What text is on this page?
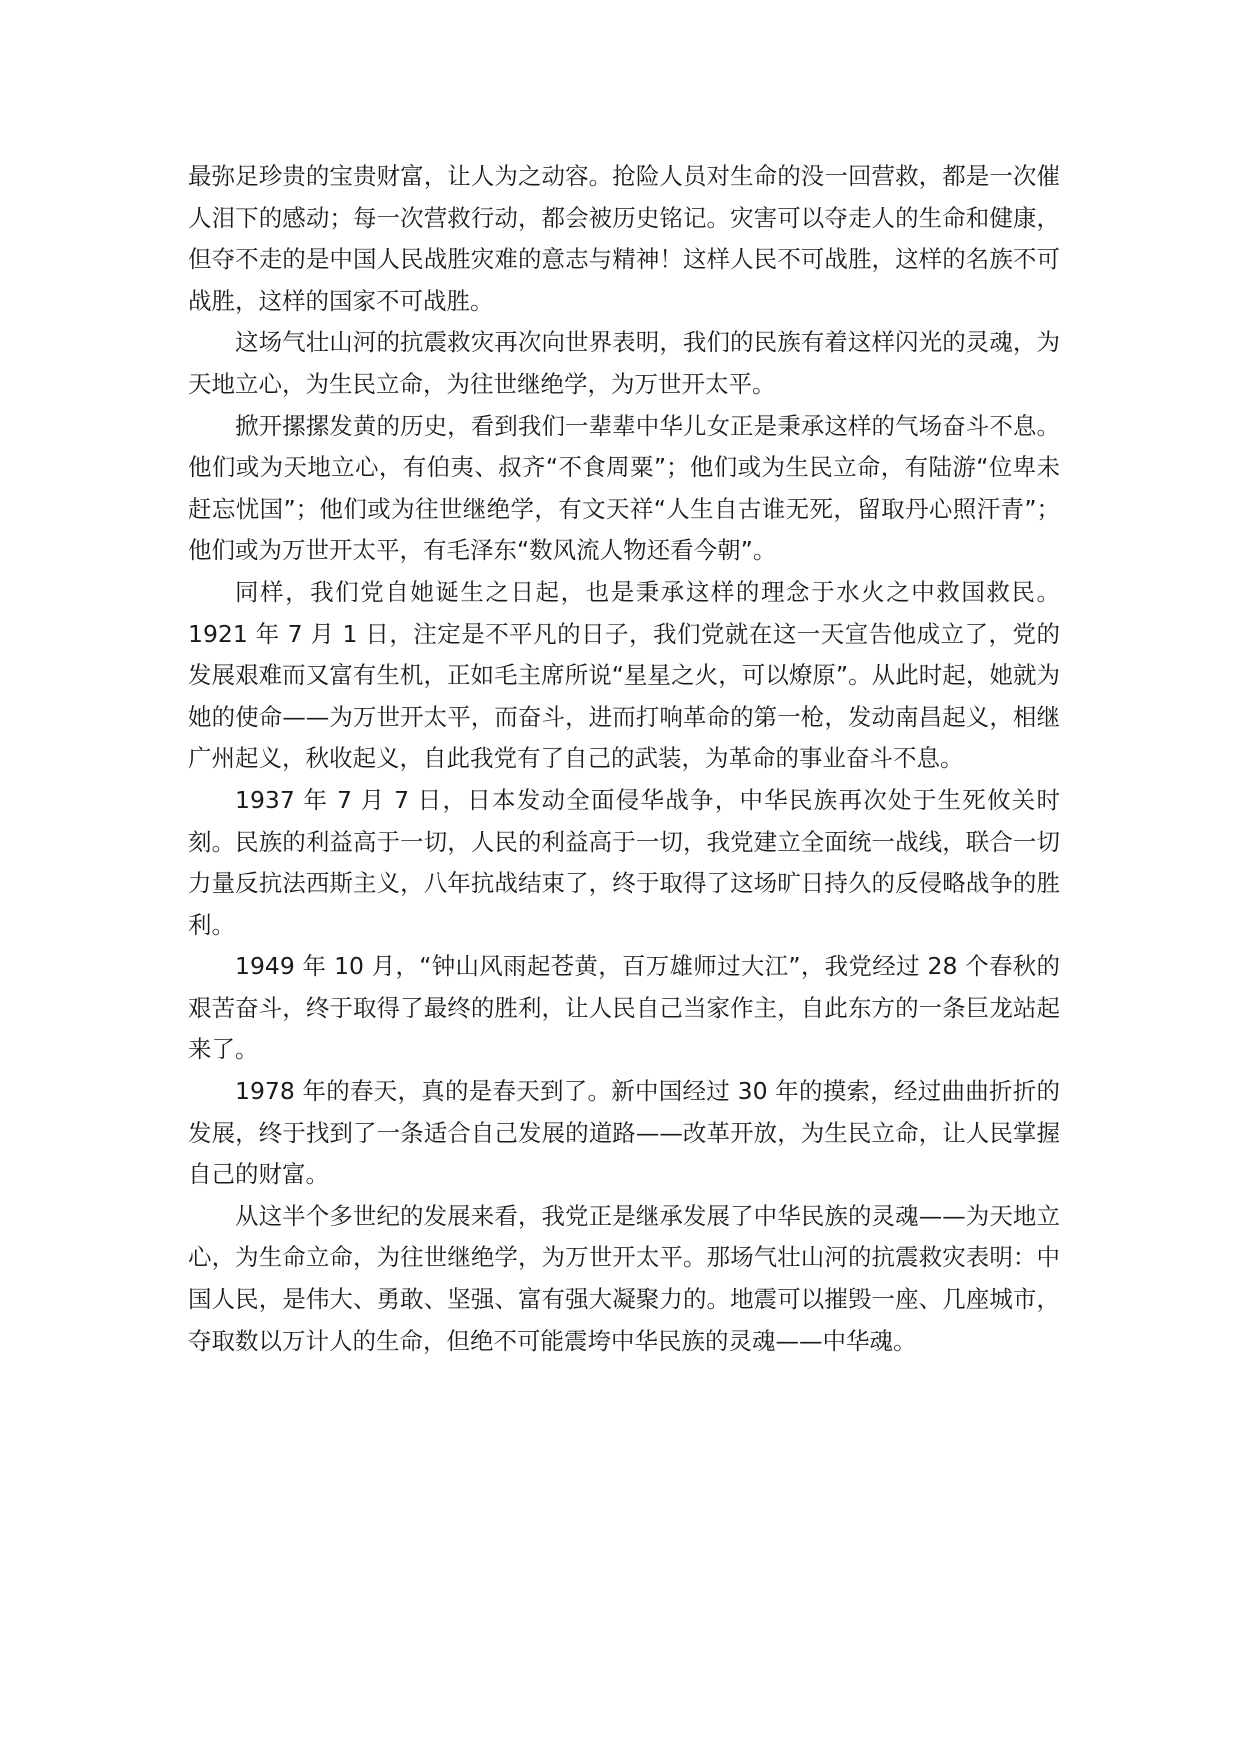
最弥足珍贵的宝贵财富，让人为之动容。抢险人员对生命的没一回营救，都是一次催人泪下的感动；每一次营救行动，都会被历史铭记。灾害可以夺走人的生命和健康，但夺不走的是中国人民战胜灾难的意志与精神！这样人民不可战胜，这样的名族不可战胜，这样的国家不可战胜。

这场气壮山河的抗震救灾再次向世界表明，我们的民族有着这样闪光的灵魂，为天地立心，为生民立命，为往世继绝学，为万世开太平。

掀开摞摞发黄的历史，看到我们一辈辈中华儿女正是秉承这样的气场奋斗不息。他们或为天地立心，有伯夷、叔齐“不食周粟”；他们或为生民立命，有陆游“位卑未赶忘忧国”；他们或为往世继绝学，有文天祥“人生自古谁无死，留取丹心照汗青”；他们或为万世开太平，有毛泽东“数风流人物还看今朝”。

同样，我们党自她诞生之日起，也是秉承这样的理念于水火之中救国救民。1921 年 7 月 1 日，注定是不平凡的日子，我们党就在这一天宣告他成立了，党的发展艰难而又富有生机，正如毛主席所说“星星之火，可以燎原”。从此时起，她就为她的使命——为万世开太平，而奋斗，进而打响革命的第一枪，发动南昌起义，相继广州起义，秋收起义，自此我党有了自己的武装，为革命的事业奋斗不息。

1937 年 7 月 7 日，日本发动全面侵华战争，中华民族再次处于生死攸关时刻。民族的利益高于一切，人民的利益高于一切，我党建立全面统一战线，联合一切力量反抗法西斯主义，八年抗战结束了，终于取得了这场旷日持久的反侵略战争的胜利。

1949 年 10 月，“钟山风雨起苍黄，百万雄师过大江”，我党经过 28 个春秋的艰苦奋斗，终于取得了最终的胜利，让人民自己当家作主，自此东方的一条巨龙站起来了。

1978 年的春天，真的是春天到了。新中国经过 30 年的摸索，经过曲曲折折的发展，终于找到了一条适合自己发展的道路——改革开放，为生民立命，让人民掌握自己的财富。

从这半个多世纪的发展来看，我党正是继承发展了中华民族的灵魂——为天地立心，为生命立命，为往世继绝学，为万世开太平。那场气壮山河的抗震救灾表明：中国人民，是伟大、勇敢、坚强、富有强大凝聚力的。地震可以摧毁一座、几座城市，夺取数以万计人的生命，但绝不可能震垮中华民族的灵魂——中华魂。
